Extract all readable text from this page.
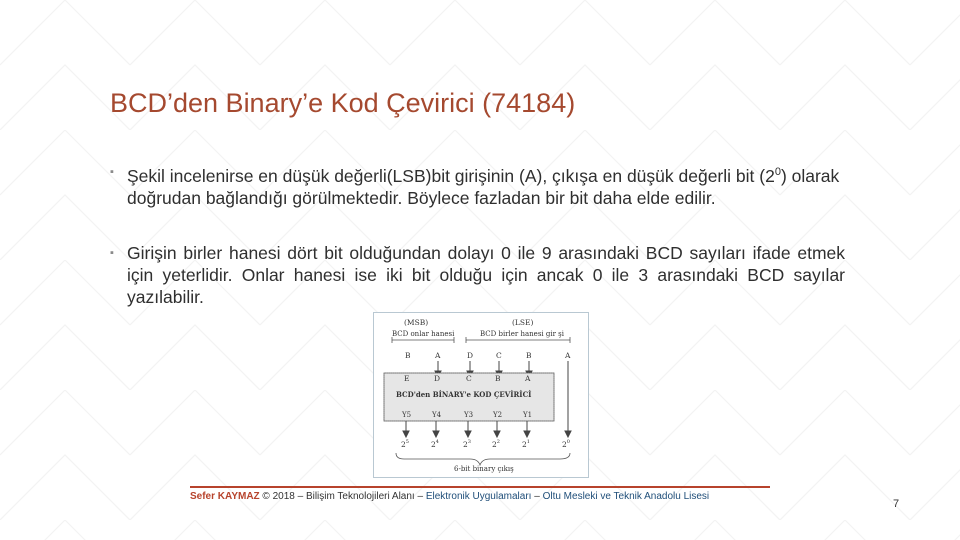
BCD’den Binary’e Kod Çevirici (74184)
▪ Şekil incelenirse en düşük değerli(LSB)bit girişinin (A), çıkışa en düşük değerli bit $(2^0)$ olarak doğrudan bağlandığı görülmektedir. Böylece fazladan bir bit daha elde edilir.
▪ Girişin birler hanesi dört bit olduğundan dolayı 0 ile 9 arasındaki BCD sayıları ifade etmek için yeterlidir. Onlar hanesi ise iki bit olduğu için ancak 0 ile 3 arasındaki BCD sayılar yazılabilir.
(MSB)	(LSE)
BCD onlar hanesi	BCD birler hanesi gir şi
B	A	D	C	B	A
E	D	C	B	A
BCD'den BİNARY'e KOD ÇEVİRİCİ
Y5	Y4	Y3	Y2	Y1
$2^5$	$2^4$	$2^3$	$2^2$	$2^1$	$2^0$
6-bit binary çıkış
Sefer KAYMAZ © 2018 – Bilişim Teknolojileri Alanı – Elektronik Uygulamaları – Oltu Mesleki ve Teknik Anadolu Lisesi
7
